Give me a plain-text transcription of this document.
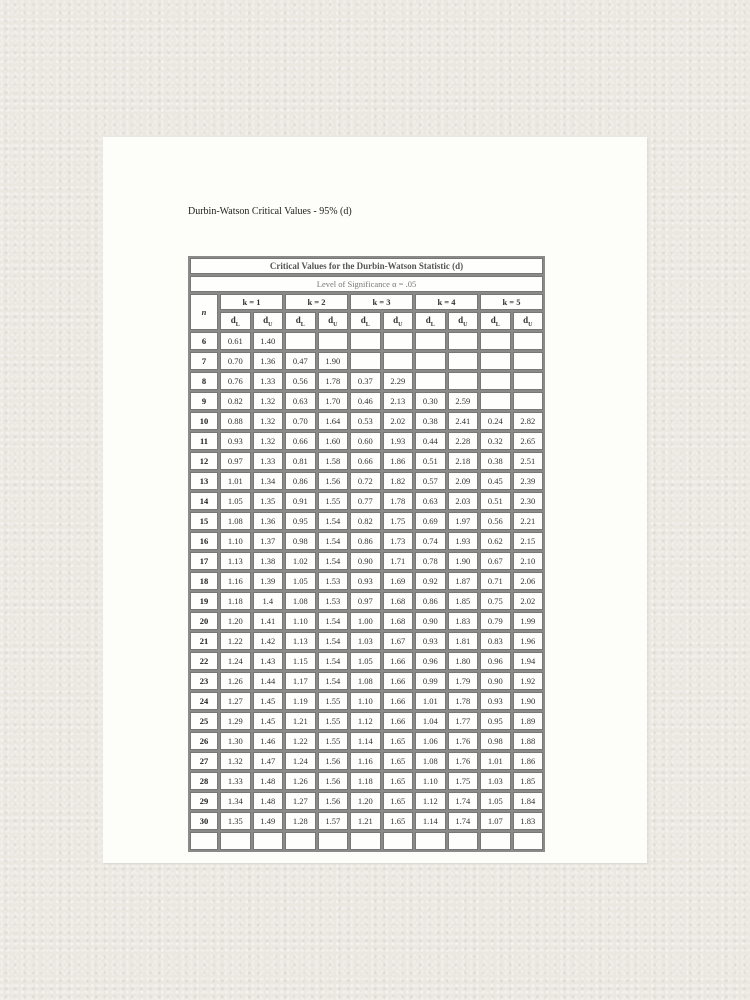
Durbin-Watson Critical Values - 95% (d)
Critical Values for the Durbin-Watson Statistic (d)										
Level of Significance α = .05										
n	k = 1		k = 2		k = 3		k = 4		k = 5	
	$d_L$	$d_U$	$d_L$	$d_U$	$d_L$	$d_U$	$d_L$	$d_U$	$d_L$	$d_U$
6	0.61	1.40								
7	0.70	1.36	0.47	1.90						
8	0.76	1.33	0.56	1.78	0.37	2.29				
9	0.82	1.32	0.63	1.70	0.46	2.13	0.30	2.59		
10	0.88	1.32	0.70	1.64	0.53	2.02	0.38	2.41	0.24	2.82
11	0.93	1.32	0.66	1.60	0.60	1.93	0.44	2.28	0.32	2.65
12	0.97	1.33	0.81	1.58	0.66	1.86	0.51	2.18	0.38	2.51
13	1.01	1.34	0.86	1.56	0.72	1.82	0.57	2.09	0.45	2.39
14	1.05	1.35	0.91	1.55	0.77	1.78	0.63	2.03	0.51	2.30
15	1.08	1.36	0.95	1.54	0.82	1.75	0.69	1.97	0.56	2.21
16	1.10	1.37	0.98	1.54	0.86	1.73	0.74	1.93	0.62	2.15
17	1.13	1.38	1.02	1.54	0.90	1.71	0.78	1.90	0.67	2.10
18	1.16	1.39	1.05	1.53	0.93	1.69	0.92	1.87	0.71	2.06
19	1.18	1.4	1.08	1.53	0.97	1.68	0.86	1.85	0.75	2.02
20	1.20	1.41	1.10	1.54	1.00	1.68	0.90	1.83	0.79	1.99
21	1.22	1.42	1.13	1.54	1.03	1.67	0.93	1.81	0.83	1.96
22	1.24	1.43	1.15	1.54	1.05	1.66	0.96	1.80	0.96	1.94
23	1.26	1.44	1.17	1.54	1.08	1.66	0.99	1.79	0.90	1.92
24	1.27	1.45	1.19	1.55	1.10	1.66	1.01	1.78	0.93	1.90
25	1.29	1.45	1.21	1.55	1.12	1.66	1.04	1.77	0.95	1.89
26	1.30	1.46	1.22	1.55	1.14	1.65	1.06	1.76	0.98	1.88
27	1.32	1.47	1.24	1.56	1.16	1.65	1.08	1.76	1.01	1.86
28	1.33	1.48	1.26	1.56	1.18	1.65	1.10	1.75	1.03	1.85
29	1.34	1.48	1.27	1.56	1.20	1.65	1.12	1.74	1.05	1.84
30	1.35	1.49	1.28	1.57	1.21	1.65	1.14	1.74	1.07	1.83
